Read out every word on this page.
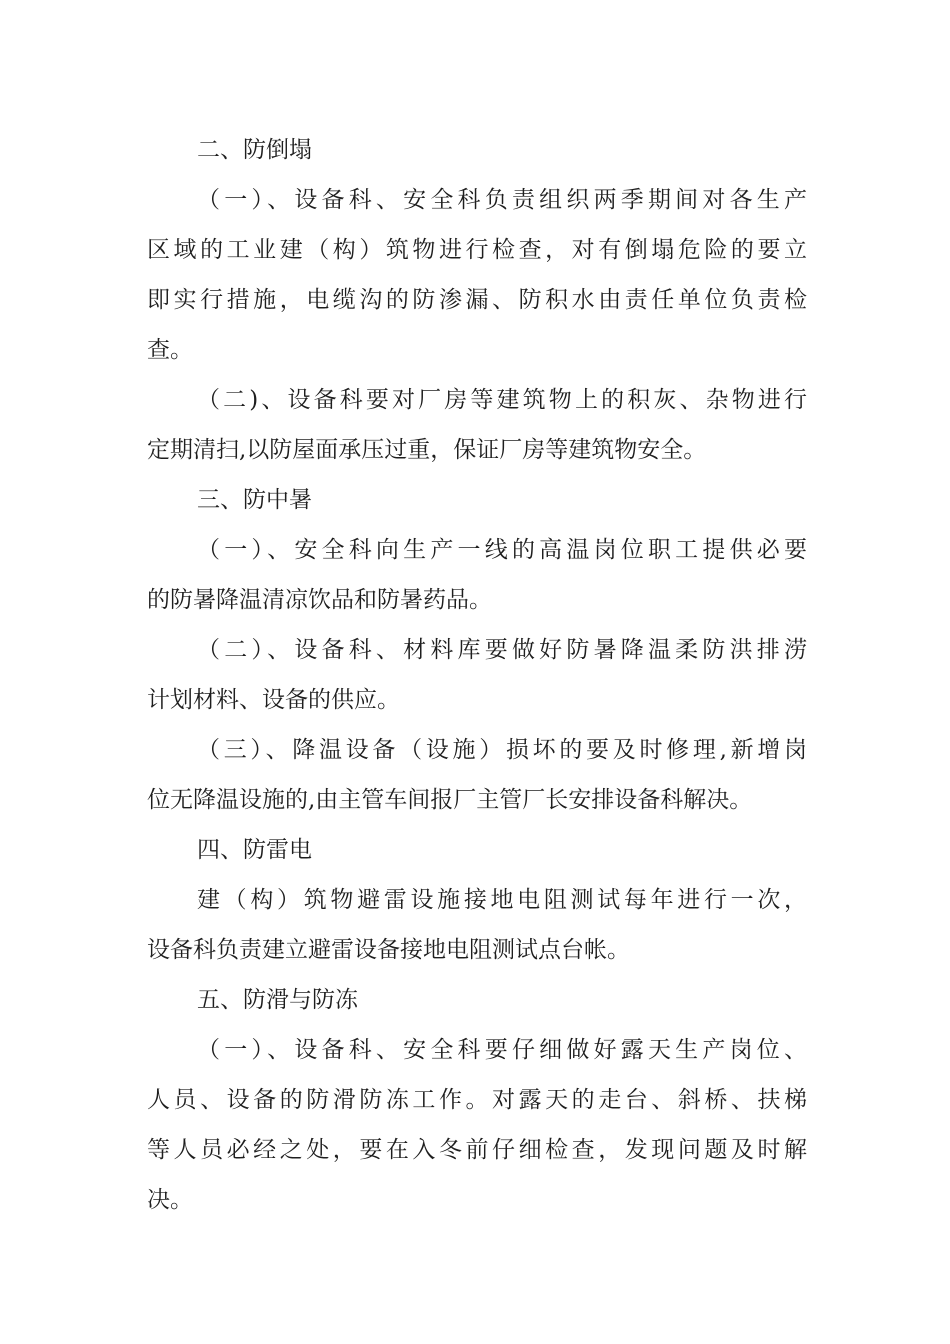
二、防倒塌
（一）、设备科、安全科负责组织两季期间对各生产
区域的工业建（构）筑物进行检查，对有倒塌危险的要立
即实行措施，电缆沟的防渗漏、防积水由责任单位负责检
查。
（二)、设备科要对厂房等建筑物上的积灰、杂物进行
定期清扫,以防屋面承压过重，保证厂房等建筑物安全。
三、防中暑
（一）、安全科向生产一线的高温岗位职工提供必要
的防暑降温清凉饮品和防暑药品。
（二）、设备科、材料库要做好防暑降温柔防洪排涝
计划材料、设备的供应。
（三）、降温设备（设施）损坏的要及时修理,新增岗
位无降温设施的,由主管车间报厂主管厂长安排设备科解决。
四、防雷电
建（构）筑物避雷设施接地电阻测试每年进行一次，
设备科负责建立避雷设备接地电阻测试点台帐。
五、防滑与防冻
（一）、设备科、安全科要仔细做好露天生产岗位、
人员、设备的防滑防冻工作。对露天的走台、斜桥、扶梯
等人员必经之处，要在入冬前仔细检查，发现问题及时解
决。
